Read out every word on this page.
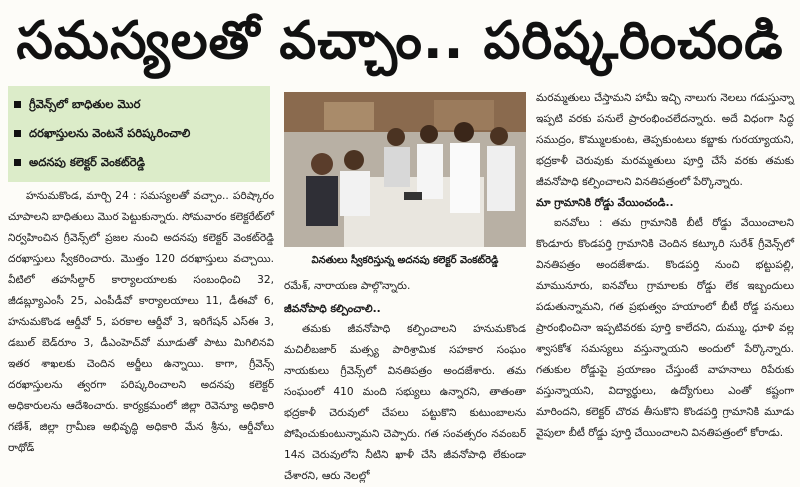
సమస్యలతో వచ్చాం.. పరిష్కరించండి
గ్రీవెన్స్‌లో బాధితుల మొర
దరఖాస్తులను వెంటనే పరిష్కరించాలి
అదనపు కలెక్టర్‌ వెంకట్‌రెడ్డి

హనుమకొండ, మార్చి 24 : సమస్యలతో వచ్చాం.. పరిష్కారం చూపాలని బాధితులు మొర పెట్టుకున్నారు. సోమవారం కలెక్టరేట్‌లో నిర్వహించిన గ్రీవెన్స్‌లో ప్రజల నుంచి అదనపు కలెక్టర్‌ వెంకట్‌రెడ్డి దరఖాస్తులు స్వీకరించారు. మొత్తం 120 దరఖాస్తులు వచ్చాయి. వీటిలో తహసీల్దార్‌ కార్యాలయాలకు సంబంధించి 32, జీడబ్ల్యూఎంసీ 25, ఎంపీడీవో కార్యాలయాలు 11, డీఈవో 6, హనుమకొండ ఆర్డీవో 5, పరకాల ఆర్డీవో 3, ఇరిగేషన్‌ ఎస్‌ఈ 3, డబుల్‌ బెడ్‌రూం 3, డీఎంహెచ్‌వో మూడుతో పాటు మిగిలినవి ఇతర శాఖలకు చెందిన అర్జీలు ఉన్నాయి. కాగా, గ్రీవెన్స్‌ దరఖాస్తులను త్వరగా పరిష్కరించాలని అదనపు కలెక్టర్‌ అధికారులను ఆదేశించారు. కార్యక్రమంలో జిల్లా రెవెన్యూ అధికారి గణేశ్‌, జిల్లా గ్రామీణ అభివృద్ధి అధికారి మేన శ్రీను, ఆర్డీవోలు రాథోడ్‌

వినతులు స్వీకరిస్తున్న అదనపు కలెక్టర్‌ వెంకట్‌రెడ్డి
రమేశ్‌, నారాయణ పాల్గొన్నారు.

జీవనోపాధి కల్పించాలి..

తమకు జీవనోపాధి కల్పించాలని హనుమకొండ మచిలీబజార్‌ మత్స్య పారిశ్రామిక సహకార సంఘం నాయకులు గ్రీవెన్స్‌లో వినతిపత్రం అందజేశారు. తమ సంఘంలో 410 మంది సభ్యులు ఉన్నారని, తాతంతా భద్రకాళీ చెరువులో చేపలు పట్టుకొని కుటుంబాలను పోషించుకుంటున్నామని చెప్పారు. గత సంవత్సరం నవంబర్‌ 14న చెరువులోని నీటిని ఖాళీ చేసి జీవనోపాధి లేకుండా చేశారని, ఆరు నెలల్లో

మరమ్మతులు చేస్తామని హామీ ఇచ్చి నాలుగు నెలలు గడుస్తున్నా ఇప్పటి వరకు పనులే ప్రారంభించలేదన్నారు. అదే విధంగా సిద్ధ సముద్రం, కొమ్ములకుంట, తెప్పకుంటలు కబ్జాకు గురయ్యాయని, భద్రకాళీ చెరువుకు మరమ్మతులు పూర్తి చేసే వరకు తమకు జీవనోపాధి కల్పించాలని వినతిపత్రంలో పేర్కొన్నారు.

మా గ్రామానికి రోడ్డు వేయించండి..

ఐనవోలు : తమ గ్రామానికి బీటీ రోడ్డు వేయించాలని కొండూరు కొండపర్తి గ్రామానికి చెందిన కట్కూరి సురేశ్‌ గ్రీవెన్స్‌లో వినతిపత్రం అందజేశాడు. కొండపర్తి నుంచి భట్టుపల్లి, మామునూరు, ఐనవోలు గ్రామాలకు రోడ్డు లేక ఇబ్బందులు పడుతున్నామని, గత ప్రభుత్వం హయాంలో బీటీ రోడ్డ పనులు ప్రారంభించినా ఇప్పటివరకు పూర్తి కాలేదని, దుమ్ము, ధూళి వల్ల శ్వాసకోశ సమస్యలు వస్తున్నాయని అందులో పేర్కొన్నారు. గతుకుల రోడ్డుపై ప్రయాణం చేస్తుంటే వాహనాలు రిపేరుకు వస్తున్నాయని, విద్యార్థులు, ఉద్యోగులు ఎంతో కష్టంగా మారిందని, కలెక్టర్‌ చొరవ తీసుకొని కొండపర్తి గ్రామానికి మూడు వైపులా బీటీ రోడ్డు పూర్తి చేయించాలని వినతిపత్రంలో కోరాడు.
